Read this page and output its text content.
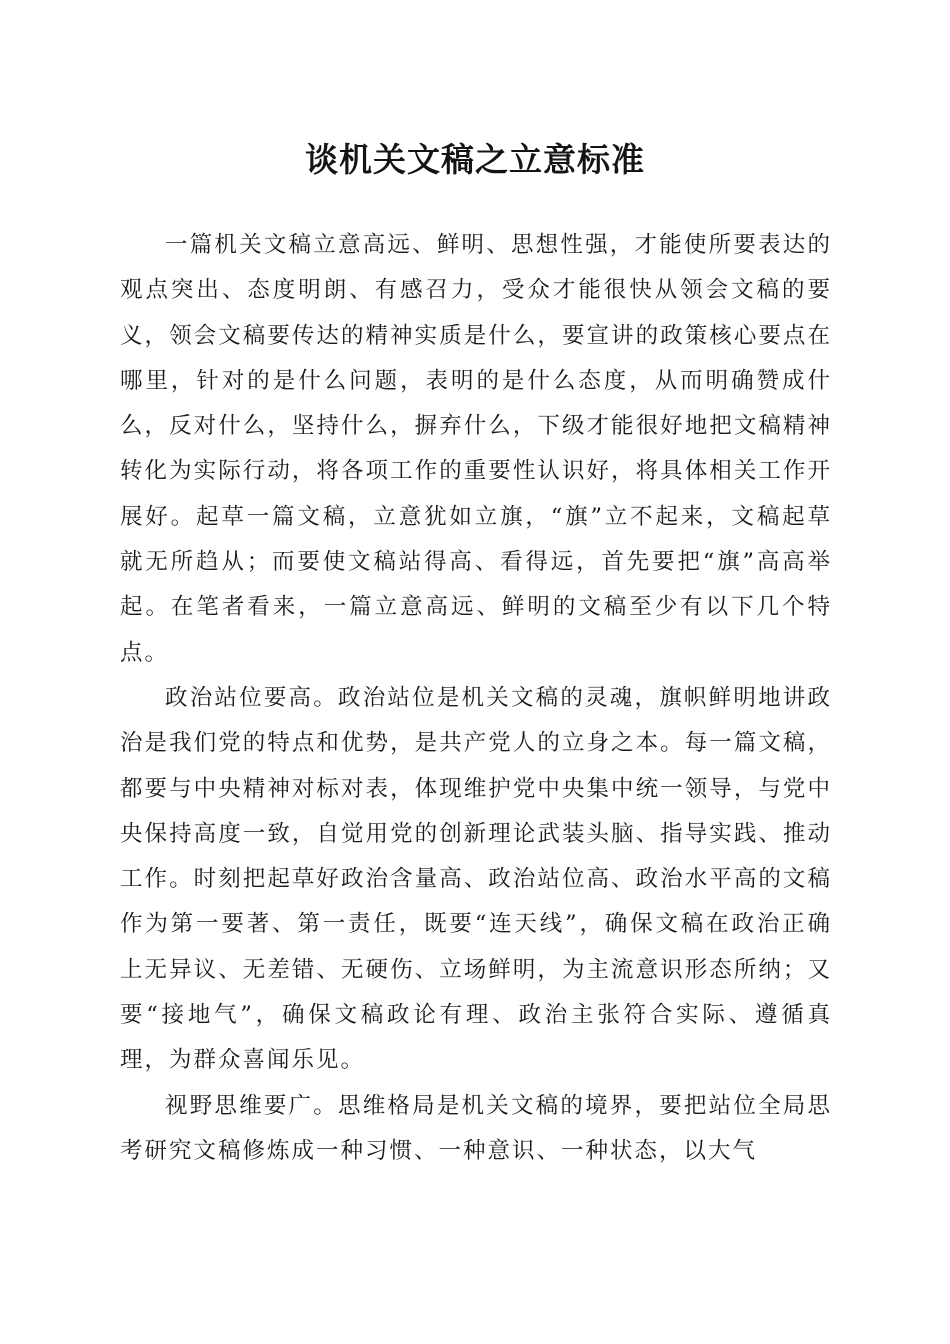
谈机关文稿之立意标准

一篇机关文稿立意高远、鲜明、思想性强，才能使所要表达的观点突出、态度明朗、有感召力，受众才能很快从领会文稿的要义，领会文稿要传达的精神实质是什么，要宣讲的政策核心要点在哪里，针对的是什么问题，表明的是什么态度，从而明确赞成什么，反对什么，坚持什么，摒弃什么，下级才能很好地把文稿精神转化为实际行动，将各项工作的重要性认识好，将具体相关工作开展好。起草一篇文稿，立意犹如立旗，“旗”立不起来，文稿起草就无所趋从；而要使文稿站得高、看得远，首先要把“旗”高高举起。在笔者看来，一篇立意高远、鲜明的文稿至少有以下几个特点。

政治站位要高。政治站位是机关文稿的灵魂，旗帜鲜明地讲政治是我们党的特点和优势，是共产党人的立身之本。每一篇文稿，都要与中央精神对标对表，体现维护党中央集中统一领导，与党中央保持高度一致，自觉用党的创新理论武装头脑、指导实践、推动工作。时刻把起草好政治含量高、政治站位高、政治水平高的文稿作为第一要著、第一责任，既要“连天线”，确保文稿在政治正确上无异议、无差错、无硬伤、立场鲜明，为主流意识形态所纳；又要“接地气”，确保文稿政论有理、政治主张符合实际、遵循真理，为群众喜闻乐见。

视野思维要广。思维格局是机关文稿的境界，要把站位全局思考研究文稿修炼成一种习惯、一种意识、一种状态，以大气
